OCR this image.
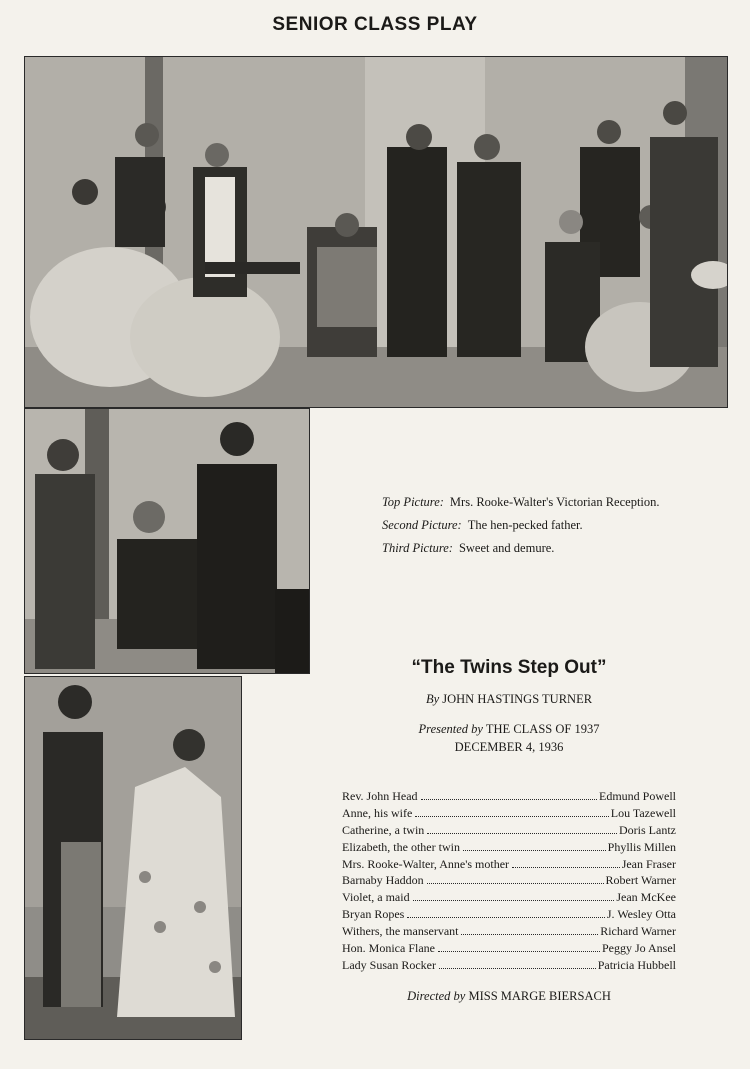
SENIOR CLASS PLAY

Top Picture: Mrs. Rooke-Walter's Victorian Reception.

Second Picture: The hen-pecked father.

Third Picture: Sweet and demure.

“The Twins Step Out”
By JOHN HASTINGS TURNER
Presented by THE CLASS OF 1937
DECEMBER 4, 1936
Rev. John Head	Edmund Powell
Anne, his wife	Lou Tazewell
Catherine, a twin	Doris Lantz
Elizabeth, the other twin	Phyllis Millen
Mrs. Rooke-Walter, Anne's mother	Jean Fraser
Barnaby Haddon	Robert Warner
Violet, a maid	Jean McKee
Bryan Ropes	J. Wesley Otta
Withers, the manservant	Richard Warner
Hon. Monica Flane	Peggy Jo Ansel
Lady Susan Rocker	Patricia Hubbell
Directed by MISS MARGE BIERSACH
